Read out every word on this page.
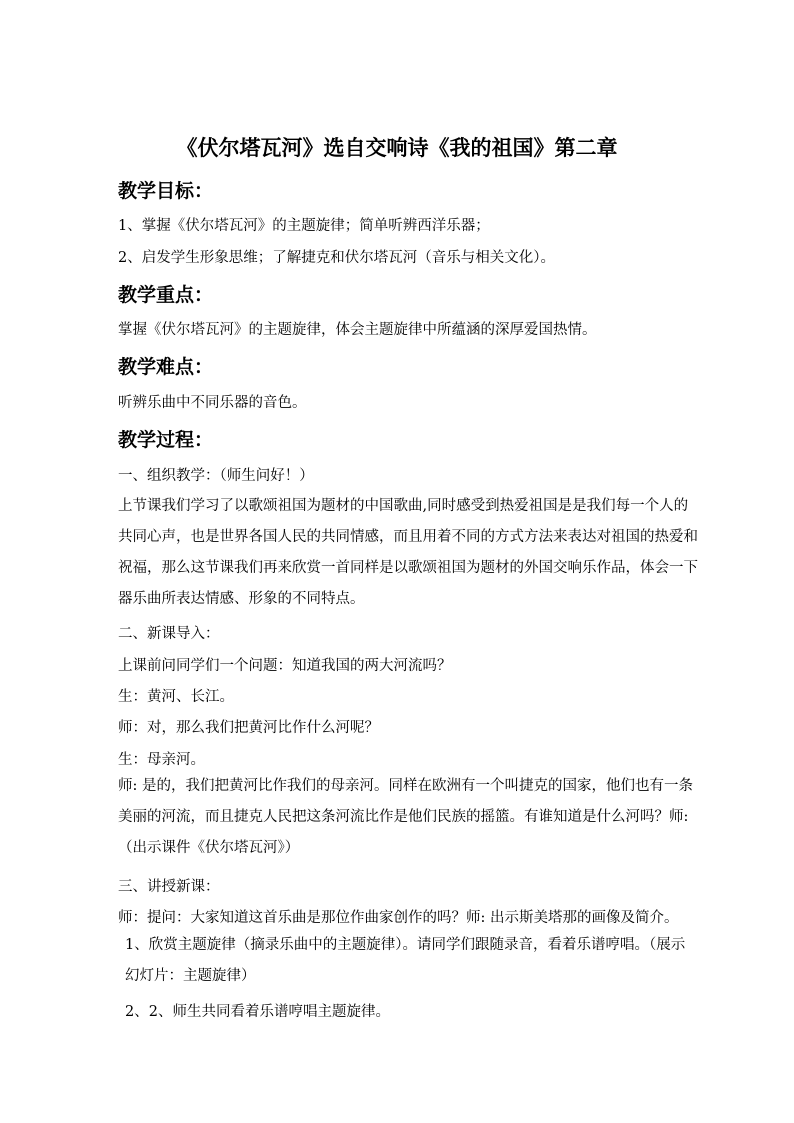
《伏尔塔瓦河》选自交响诗《我的祖国》第二章
教学目标：
1、掌握《伏尔塔瓦河》的主题旋律；简单听辨西洋乐器；
2、启发学生形象思维；了解捷克和伏尔塔瓦河（音乐与相关文化）。
教学重点：
掌握《伏尔塔瓦河》的主题旋律，体会主题旋律中所蕴涵的深厚爱国热情。
教学难点：
听辨乐曲中不同乐器的音色。
教学过程：
一、组织教学：（师生问好！）
上节课我们学习了以歌颂祖国为题材的中国歌曲,同时感受到热爱祖国是是我们每一个人的
共同心声，也是世界各国人民的共同情感，而且用着不同的方式方法来表达对祖国的热爱和
祝福，那么这节课我们再来欣赏一首同样是以歌颂祖国为题材的外国交响乐作品，体会一下
器乐曲所表达情感、形象的不同特点。
二、新课导入：
上课前问同学们一个问题：知道我国的两大河流吗？
生：黄河、长江。
师：对，那么我们把黄河比作什么河呢？
生：母亲河。
师: 是的，我们把黄河比作我们的母亲河。同样在欧洲有一个叫捷克的国家，他们也有一条
美丽的河流，而且捷克人民把这条河流比作是他们民族的摇篮。有谁知道是什么河吗？师:
（出示课件《伏尔塔瓦河》）
三、讲授新课：
师：提问：大家知道这首乐曲是那位作曲家创作的吗？师: 出示斯美塔那的画像及简介。
1、欣赏主题旋律（摘录乐曲中的主题旋律）。请同学们跟随录音，看着乐谱哼唱。（展示
幻灯片：主题旋律）
2、2、师生共同看着乐谱哼唱主题旋律。
